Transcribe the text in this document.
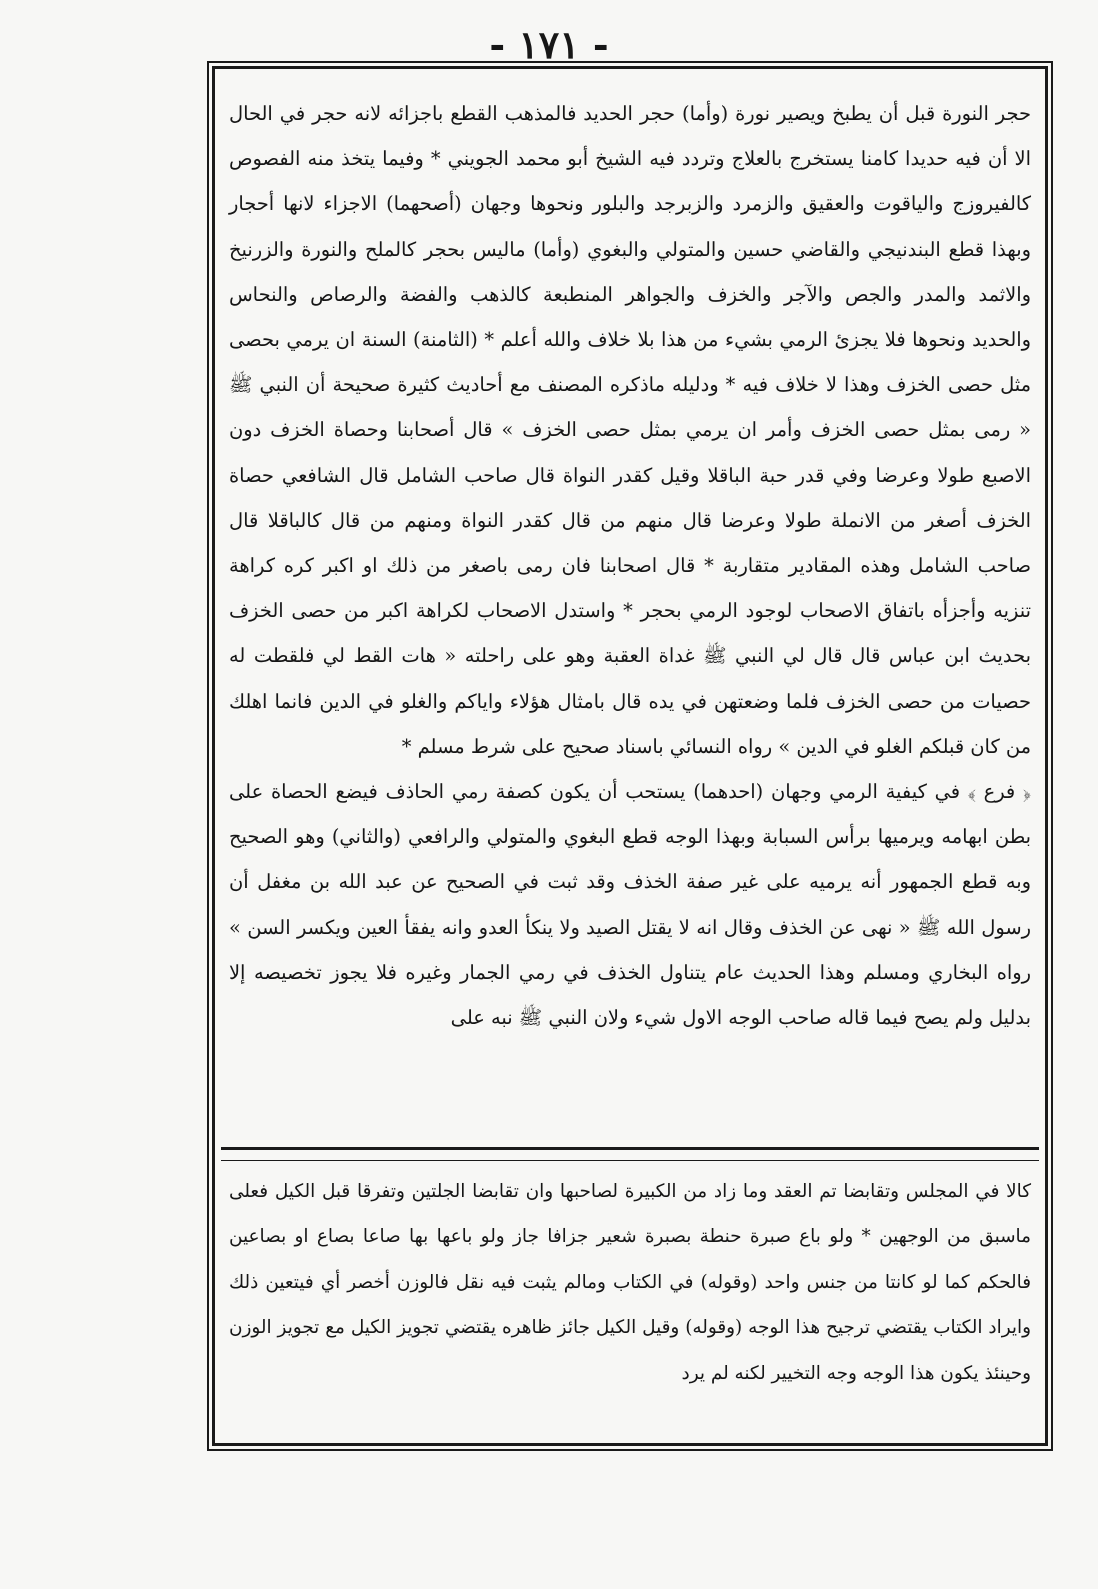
- ١٧١ -

حجر النورة قبل أن يطبخ ويصير نورة (وأما) حجر الحديد فالمذهب القطع باجزائه لانه حجر في الحال الا أن فيه حديدا كامنا يستخرج بالعلاج وتردد فيه الشيخ أبو محمد الجويني * وفيما يتخذ منه الفصوص كالفيروزج والياقوت والعقيق والزمرد والزبرجد والبلور ونحوها وجهان (أصحهما) الاجزاء لانها أحجار وبهذا قطع البندنيجي والقاضي حسين والمتولي والبغوي (وأما) ماليس بحجر كالملح والنورة والزرنيخ والاثمد والمدر والجص والآجر والخزف والجواهر المنطبعة كالذهب والفضة والرصاص والنحاس والحديد ونحوها فلا يجزئ الرمي بشيء من هذا بلا خلاف والله أعلم * (الثامنة) السنة ان يرمي بحصى مثل حصى الخزف وهذا لا خلاف فيه * ودليله ماذكره المصنف مع أحاديث كثيرة صحيحة أن النبي ﷺ « رمى بمثل حصى الخزف وأمر ان يرمي بمثل حصى الخزف » قال أصحابنا وحصاة الخزف دون الاصبع طولا وعرضا وفي قدر حبة الباقلا وقيل كقدر النواة قال صاحب الشامل قال الشافعي حصاة الخزف أصغر من الانملة طولا وعرضا قال منهم من قال كقدر النواة ومنهم من قال كالباقلا قال صاحب الشامل وهذه المقادير متقاربة * قال اصحابنا فان رمى باصغر من ذلك او اكبر كره كراهة تنزيه وأجزأه باتفاق الاصحاب لوجود الرمي بحجر * واستدل الاصحاب لكراهة اكبر من حصى الخزف بحديث ابن عباس قال قال لي النبي ﷺ غداة العقبة وهو على راحلته « هات القط لي فلقطت له حصيات من حصى الخزف فلما وضعتهن في يده قال بامثال هؤلاء واياكم والغلو في الدين فانما اهلك من كان قبلكم الغلو في الدين » رواه النسائي باسناد صحيح على شرط مسلم *

﴿ فرع ﴾ في كيفية الرمي وجهان (احدهما) يستحب أن يكون كصفة رمي الحاذف فيضع الحصاة على بطن ابهامه ويرميها برأس السبابة وبهذا الوجه قطع البغوي والمتولي والرافعي (والثاني) وهو الصحيح وبه قطع الجمهور أنه يرميه على غير صفة الخذف وقد ثبت في الصحيح عن عبد الله بن مغفل أن رسول الله ﷺ « نهى عن الخذف وقال انه لا يقتل الصيد ولا ينكأ العدو وانه يفقأ العين ويكسر السن » رواه البخاري ومسلم وهذا الحديث عام يتناول الخذف في رمي الجمار وغيره فلا يجوز تخصيصه إلا بدليل ولم يصح فيما قاله صاحب الوجه الاول شيء ولان النبي ﷺ نبه على

كالا في المجلس وتقابضا تم العقد وما زاد من الكبيرة لصاحبها وان تقابضا الجلتين وتفرقا قبل الكيل فعلى ماسبق من الوجهين * ولو باع صبرة حنطة بصبرة شعير جزافا جاز ولو باعها بها صاعا بصاع او بصاعين فالحكم كما لو كانتا من جنس واحد (وقوله) في الكتاب ومالم يثبت فيه نقل فالوزن أخصر أي فيتعين ذلك وايراد الكتاب يقتضي ترجيح هذا الوجه (وقوله) وقيل الكيل جائز ظاهره يقتضي تجويز الكيل مع تجويز الوزن وحينئذ يكون هذا الوجه وجه التخيير لكنه لم يرد
